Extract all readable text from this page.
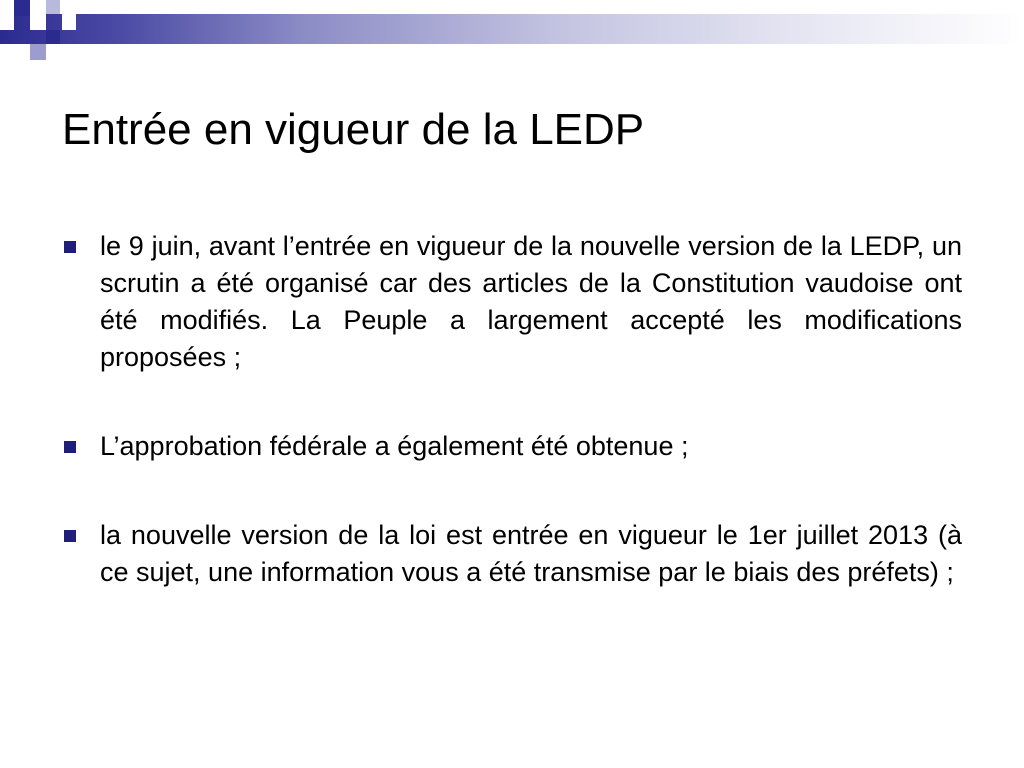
Entrée en vigueur de la LEDP
le 9 juin, avant l’entrée en vigueur de la nouvelle version de la LEDP, un scrutin a été organisé car des articles de la Constitution vaudoise ont été modifiés. La Peuple a largement accepté les modifications proposées ;
L’approbation fédérale a également été obtenue ;
la nouvelle version de la loi est entrée en vigueur le 1er juillet 2013 (à ce sujet, une information vous a été transmise par le biais des préfets) ;
